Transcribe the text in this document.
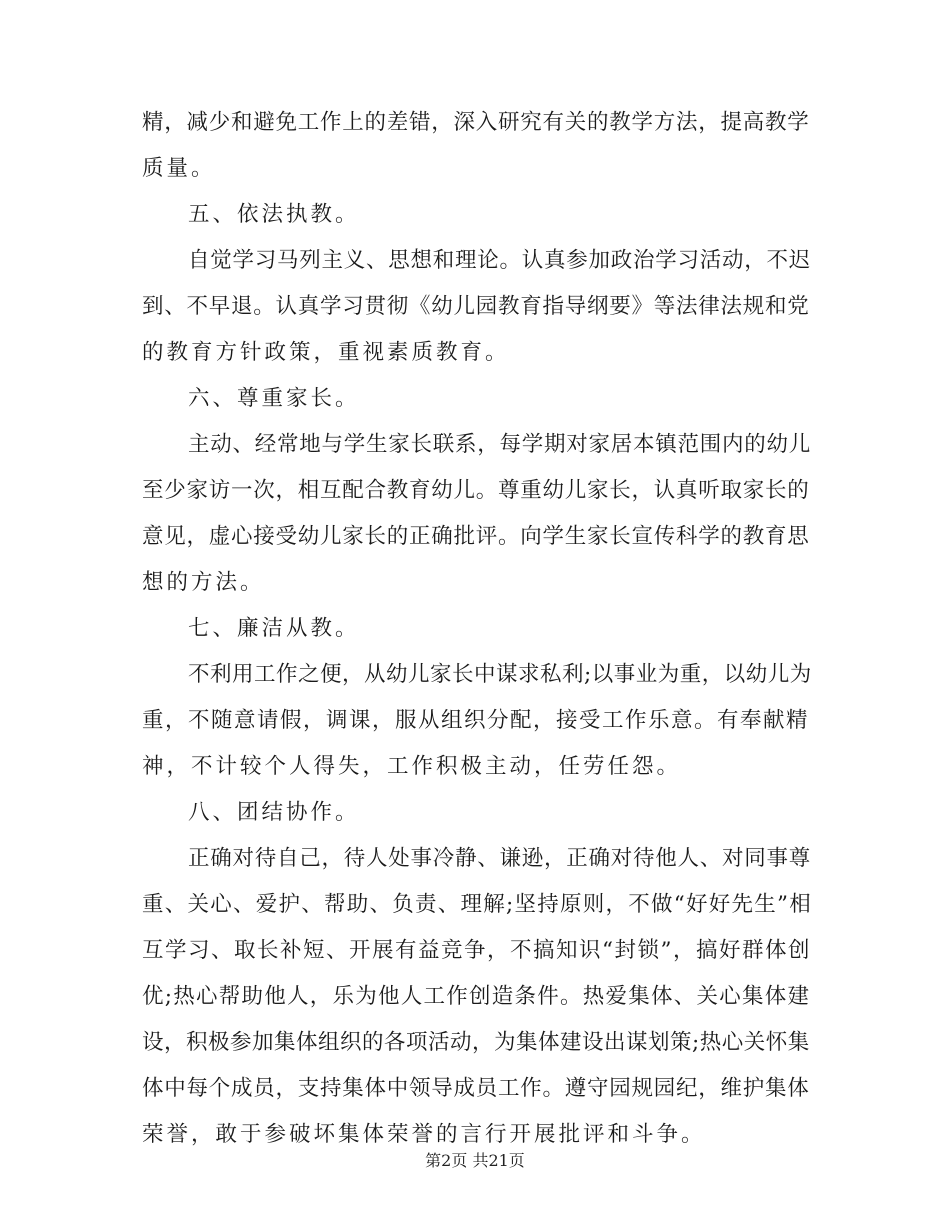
精，减少和避免工作上的差错，深入研究有关的教学方法，提高教学
质量。
五、依法执教。
自觉学习马列主义、思想和理论。认真参加政治学习活动，不迟
到、不早退。认真学习贯彻《幼儿园教育指导纲要》等法律法规和党
的教育方针政策，重视素质教育。
六、尊重家长。
主动、经常地与学生家长联系，每学期对家居本镇范围内的幼儿
至少家访一次，相互配合教育幼儿。尊重幼儿家长，认真听取家长的
意见，虚心接受幼儿家长的正确批评。向学生家长宣传科学的教育思
想的方法。
七、廉洁从教。
不利用工作之便，从幼儿家长中谋求私利;以事业为重，以幼儿为
重，不随意请假，调课，服从组织分配，接受工作乐意。有奉献精
神，不计较个人得失，工作积极主动，任劳任怨。
八、团结协作。
正确对待自己，待人处事冷静、谦逊，正确对待他人、对同事尊
重、关心、爱护、帮助、负责、理解;坚持原则，不做“好好先生”相
互学习、取长补短、开展有益竞争，不搞知识“封锁”，搞好群体创
优;热心帮助他人，乐为他人工作创造条件。热爱集体、关心集体建
设，积极参加集体组织的各项活动，为集体建设出谋划策;热心关怀集
体中每个成员，支持集体中领导成员工作。遵守园规园纪，维护集体
荣誉，敢于参破坏集体荣誉的言行开展批评和斗争。
第2页 共21页
